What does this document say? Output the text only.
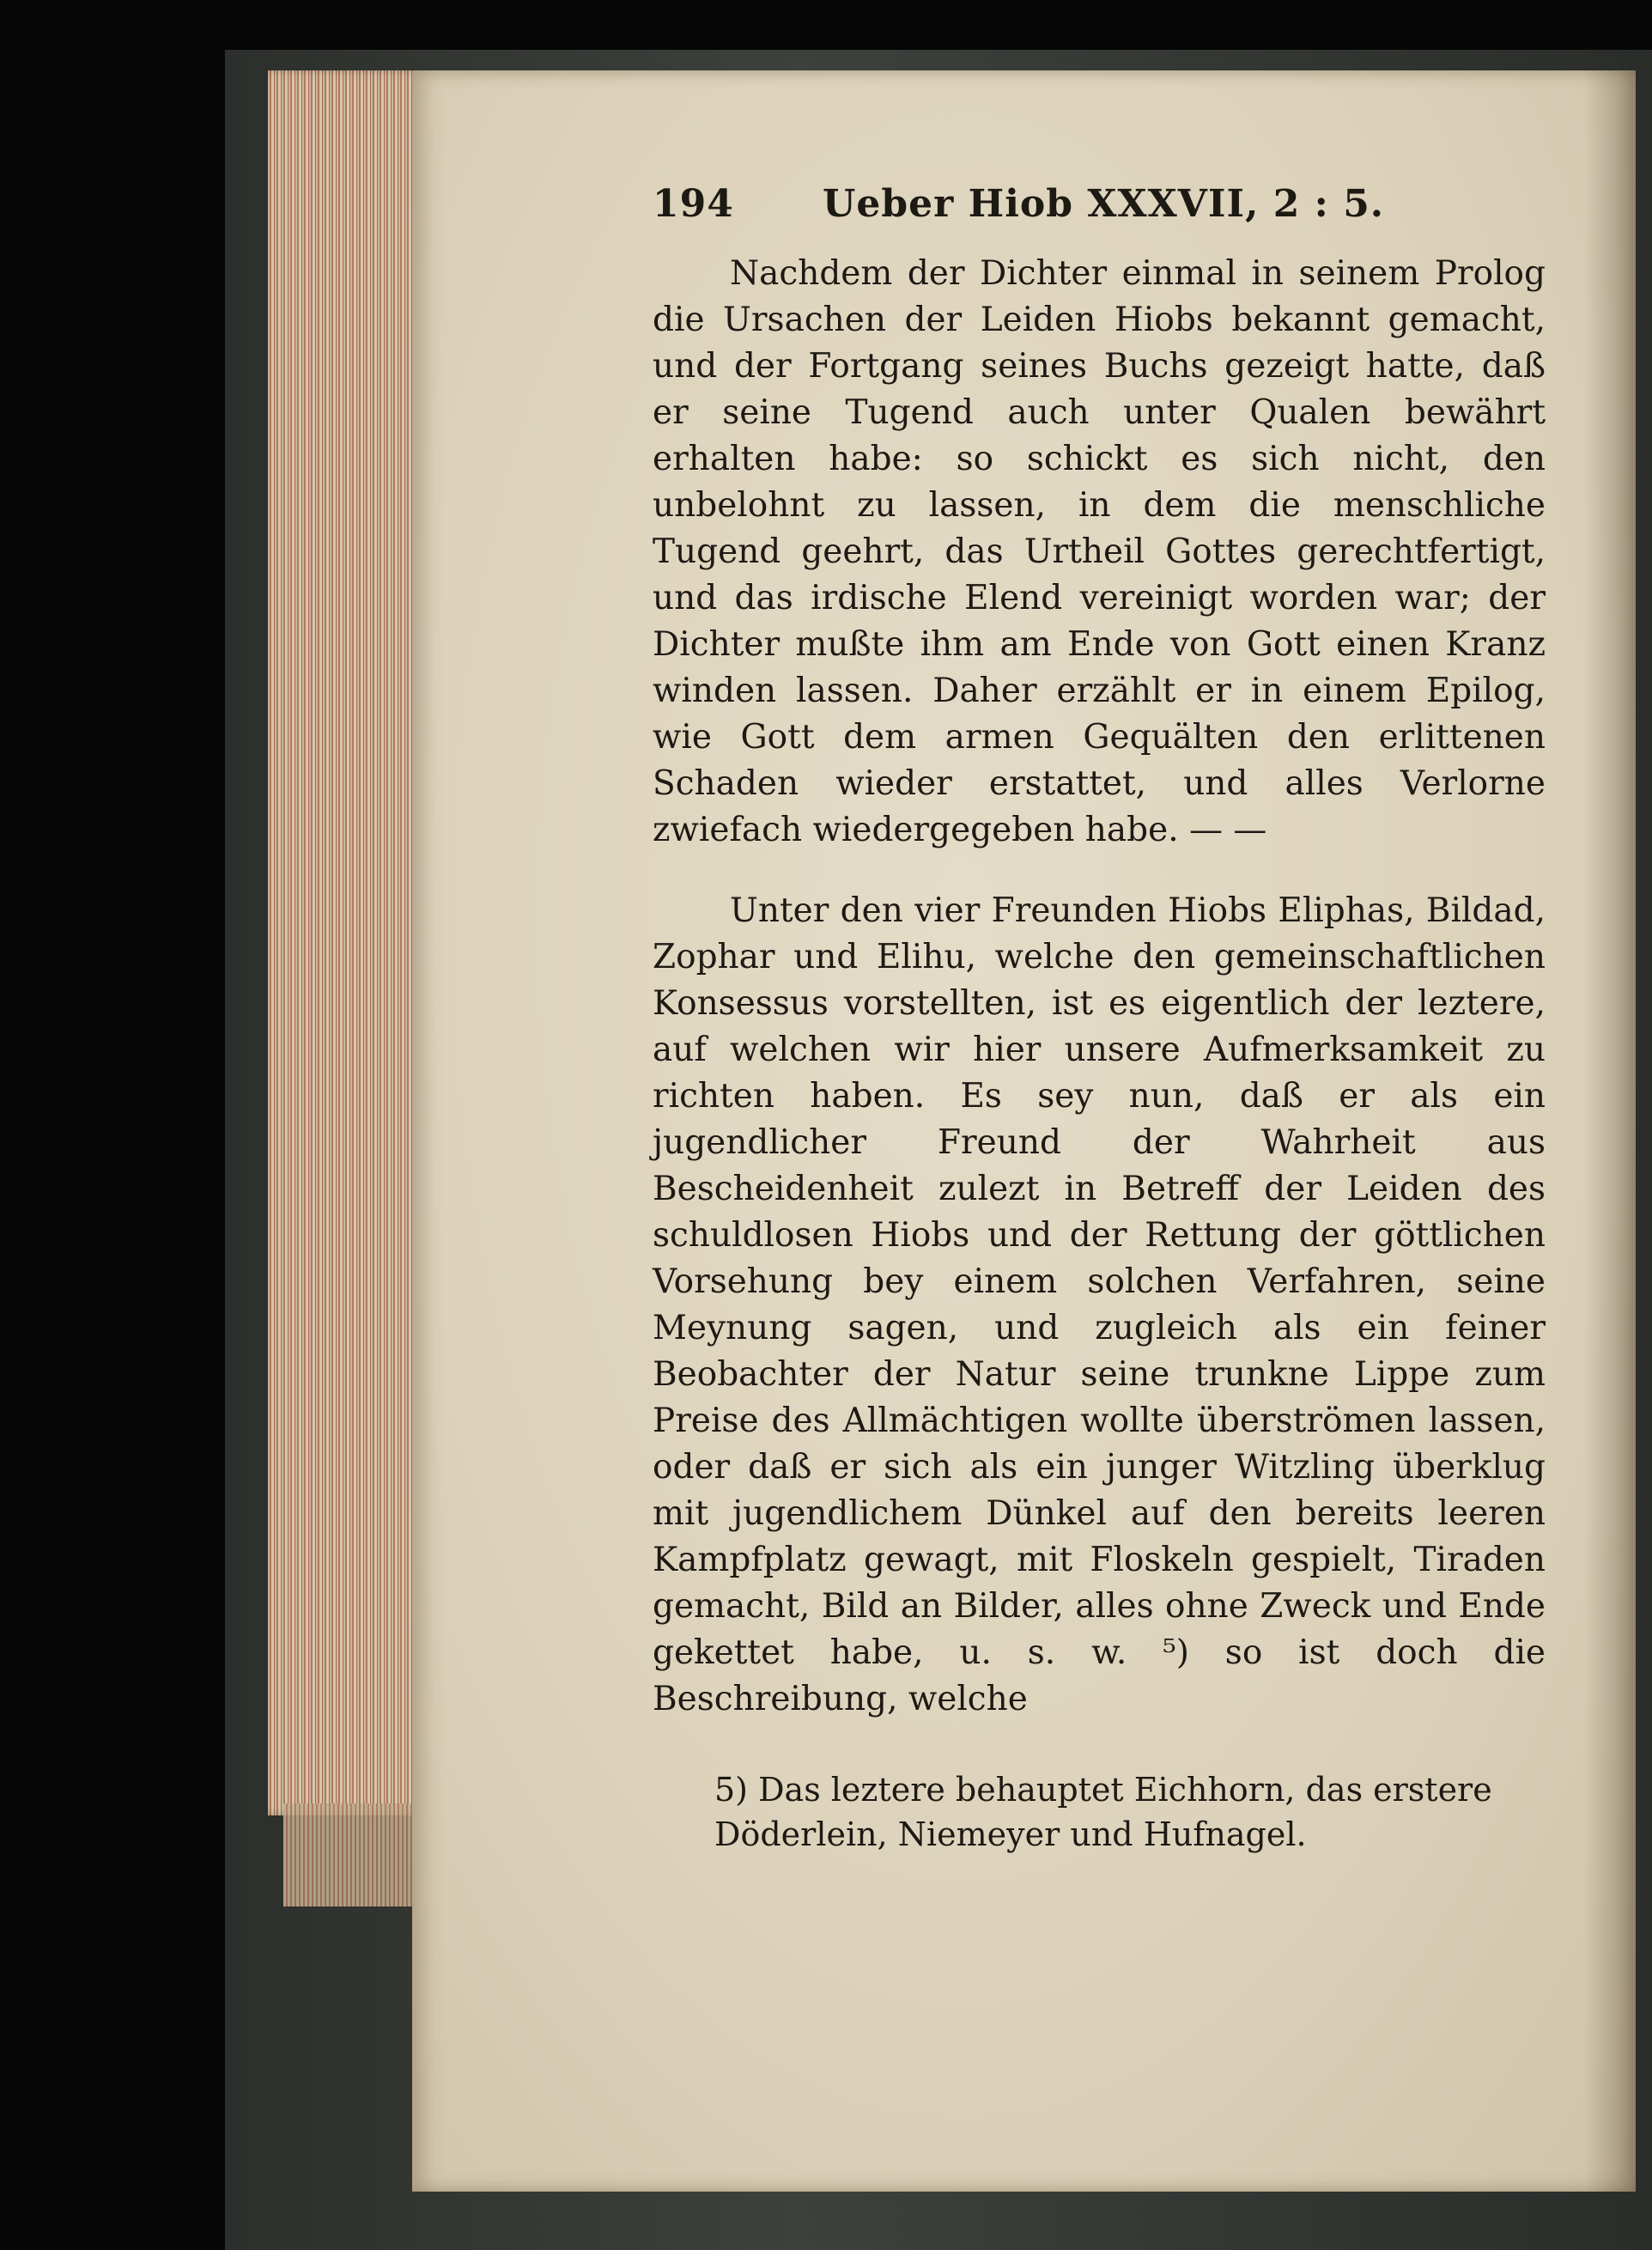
194 Ueber Hiob XXXVII, 2 : 5.

Nachdem der Dichter einmal in seinem Prolog die Ursachen der Leiden Hiobs bekannt gemacht, und der Fortgang seines Buchs gezeigt hatte, daß er seine Tugend auch unter Qualen bewährt erhalten habe: so schickt es sich nicht, den unbelohnt zu lassen, in dem die menschliche Tugend geehrt, das Urtheil Gottes gerechtfertigt, und das irdische Elend vereinigt worden war; der Dichter mußte ihm am Ende von Gott einen Kranz winden lassen. Daher erzählt er in einem Epilog, wie Gott dem armen Gequälten den erlittenen Schaden wieder erstattet, und alles Verlorne zwiefach wiedergegeben habe. — —

Unter den vier Freunden Hiobs Eliphas, Bildad, Zophar und Elihu, welche den gemeinschaftlichen Konsessus vorstellten, ist es eigentlich der leztere, auf welchen wir hier unsere Aufmerksamkeit zu richten haben. Es sey nun, daß er als ein jugendlicher Freund der Wahrheit aus Bescheidenheit zulezt in Betreff der Leiden des schuldlosen Hiobs und der Rettung der göttlichen Vorsehung bey einem solchen Verfahren, seine Meynung sagen, und zugleich als ein feiner Beobachter der Natur seine trunkne Lippe zum Preise des Allmächtigen wollte überströmen lassen, oder daß er sich als ein junger Witzling überklug mit jugendlichem Dünkel auf den bereits leeren Kampfplatz gewagt, mit Floskeln gespielt, Tiraden gemacht, Bild an Bilder, alles ohne Zweck und Ende gekettet habe, u. s. w. ⁵) so ist doch die Beschreibung, welche

5) Das leztere behauptet Eichhorn, das erstere
Döderlein, Niemeyer und Hufnagel.
